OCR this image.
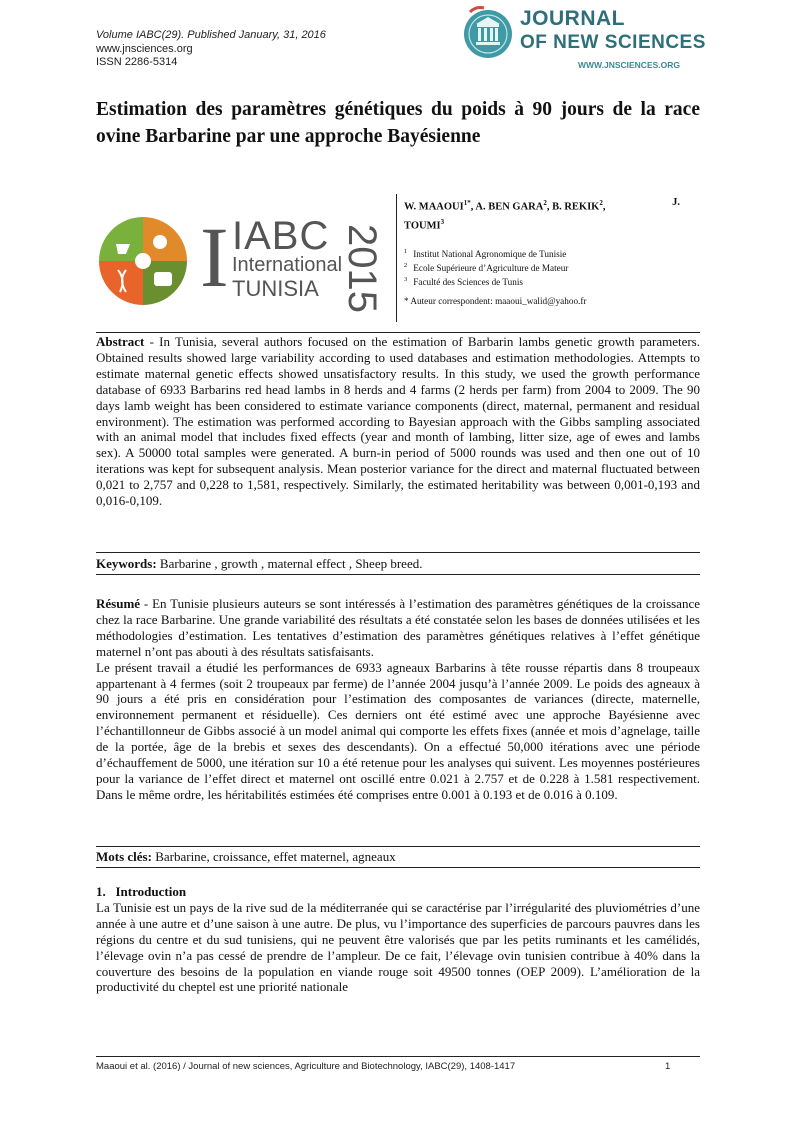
Volume IABC(29). Published January, 31, 2016
www.jnsciences.org
ISSN 2286-5314
JOURNAL
OF NEW SCIENCES
WWW.JNSCIENCES.ORG
Estimation des paramètres génétiques du poids à 90 jours de la race ovine Barbarine par une approche Bayésienne
I IABC
International
TUNISIA 2015
W. $MAAOUI^{1*}$, A. BEN GARA$^2$, B. REKIK$^2$,	J.

TOUMI$^3$
$^1$ Institut National Agronomique de Tunisie
$^2$ Ecole Supérieure d’Agriculture de Mateur
$^3$ Faculté des Sciences de Tunis
* Auteur correspondent: maaoui_walid@yahoo.fr
Abstract - In Tunisia, several authors focused on the estimation of Barbarin lambs genetic growth parameters. Obtained results showed large variability according to used databases and estimation methodologies. Attempts to estimate maternal genetic effects showed unsatisfactory results. In this study, we used the growth performance database of 6933 Barbarins red head lambs in 8 herds and 4 farms (2 herds per farm) from 2004 to 2009. The 90 days lamb weight has been considered to estimate variance components (direct, maternal, permanent and residual environment). The estimation was performed according to Bayesian approach with the Gibbs sampling associated with an animal model that includes fixed effects (year and month of lambing, litter size, age of ewes and lambs sex). A 50000 total samples were generated. A burn-in period of 5000 rounds was used and then one out of 10 iterations was kept for subsequent analysis. Mean posterior variance for the direct and maternal fluctuated between 0,021 to 2,757 and 0,228 to 1,581, respectively. Similarly, the estimated heritability was between 0,001-0,193 and 0,016-0,109.
Keywords: Barbarine , growth , maternal effect , Sheep breed.
Résumé - En Tunisie plusieurs auteurs se sont intéressés à l’estimation des paramètres génétiques de la croissance chez la race Barbarine. Une grande variabilité des résultats a été constatée selon les bases de données utilisées et les méthodologies d’estimation. Les tentatives d’estimation des paramètres génétiques relatives à l’effet génétique maternel n’ont pas abouti à des résultats satisfaisants.
Le présent travail a étudié les performances de 6933 agneaux Barbarins à tête rousse répartis dans 8 troupeaux appartenant à 4 fermes (soit 2 troupeaux par ferme) de l’année 2004 jusqu’à l’année 2009. Le poids des agneaux à 90 jours a été pris en considération pour l’estimation des composantes de variances (directe, maternelle, environnement permanent et résiduelle). Ces derniers ont été estimé avec une approche Bayésienne avec l’échantillonneur de Gibbs associé à un model animal qui comporte les effets fixes (année et mois d’agnelage, taille de la portée, âge de la brebis et sexes des descendants). On a effectué 50,000 itérations avec une période d’échauffement de 5000, une itération sur 10 a été retenue pour les analyses qui suivent. Les moyennes postérieures pour la variance de l’effet direct et maternel ont oscillé entre 0.021 à 2.757 et de 0.228 à 1.581 respectivement. Dans le même ordre, les héritabilités estimées été comprises entre 0.001 à 0.193 et de 0.016 à 0.109.
Mots clés: Barbarine, croissance, effet maternel, agneaux
1.   Introduction
La Tunisie est un pays de la rive sud de la méditerranée qui se caractérise par l’irrégularité des pluviométries d’une année à une autre et d’une saison à une autre. De plus, vu l’importance des superficies de parcours pauvres dans les régions du centre et du sud tunisiens, qui ne peuvent être valorisés que par les petits ruminants et les camélidés, l’élevage ovin n’a pas cessé de prendre de l’ampleur. De ce fait, l’élevage ovin tunisien contribue à 40% dans la couverture des besoins de la population en viande rouge soit 49500 tonnes (OEP 2009). L’amélioration de la productivité du cheptel est une priorité nationale
Maaoui et al. (2016) / Journal of new sciences, Agriculture and Biotechnology, IABC(29), 1408-1417	1
